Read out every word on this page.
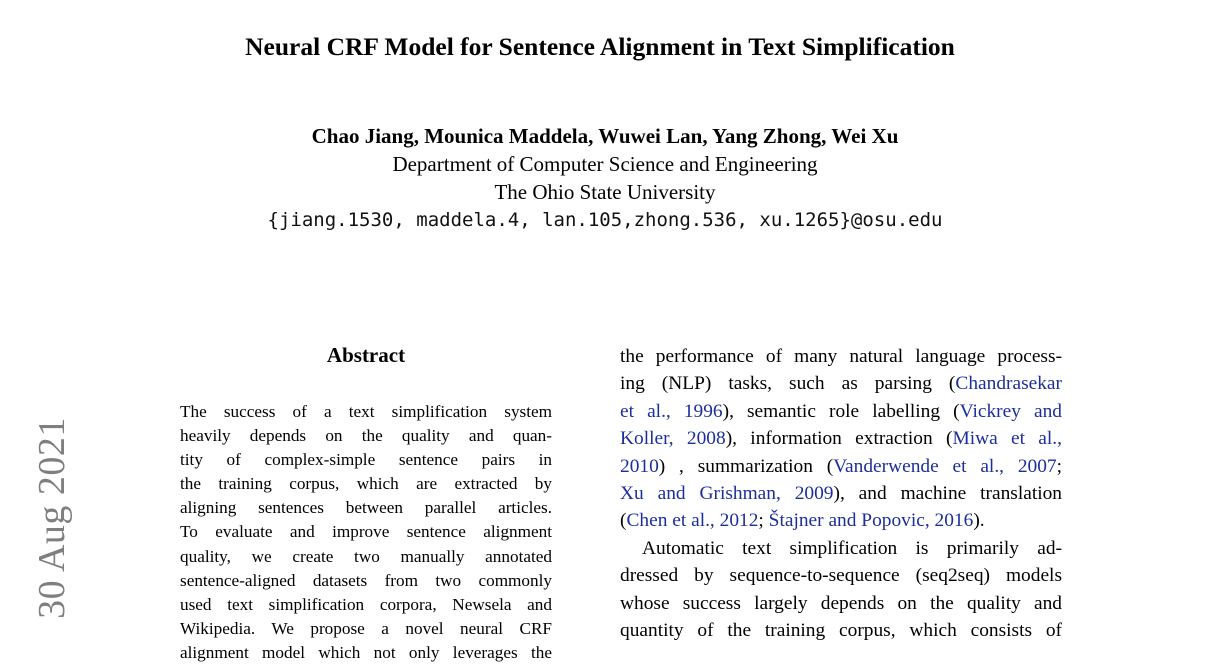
30 Aug 2021
Neural CRF Model for Sentence Alignment in Text Simplification
Chao Jiang, Mounica Maddela, Wuwei Lan, Yang Zhong, Wei Xu
Department of Computer Science and Engineering
The Ohio State University
{jiang.1530, maddela.4, lan.105,zhong.536, xu.1265}@osu.edu
Abstract
The success of a text simplification system
heavily depends on the quality and quan-
tity of complex-simple sentence pairs in
the training corpus, which are extracted by
aligning sentences between parallel articles.
To evaluate and improve sentence alignment
quality, we create two manually annotated
sentence-aligned datasets from two commonly
used text simplification corpora, Newsela and
Wikipedia. We propose a novel neural CRF
alignment model which not only leverages the
the performance of many natural language process-
ing (NLP) tasks, such as parsing (Chandrasekar
et al., 1996), semantic role labelling (Vickrey and
Koller, 2008), information extraction (Miwa et al.,
2010) , summarization (Vanderwende et al., 2007;
Xu and Grishman, 2009), and machine translation
(Chen et al., 2012; Štajner and Popovic, 2016).
Automatic text simplification is primarily ad-
dressed by sequence-to-sequence (seq2seq) models
whose success largely depends on the quality and
quantity of the training corpus, which consists of
